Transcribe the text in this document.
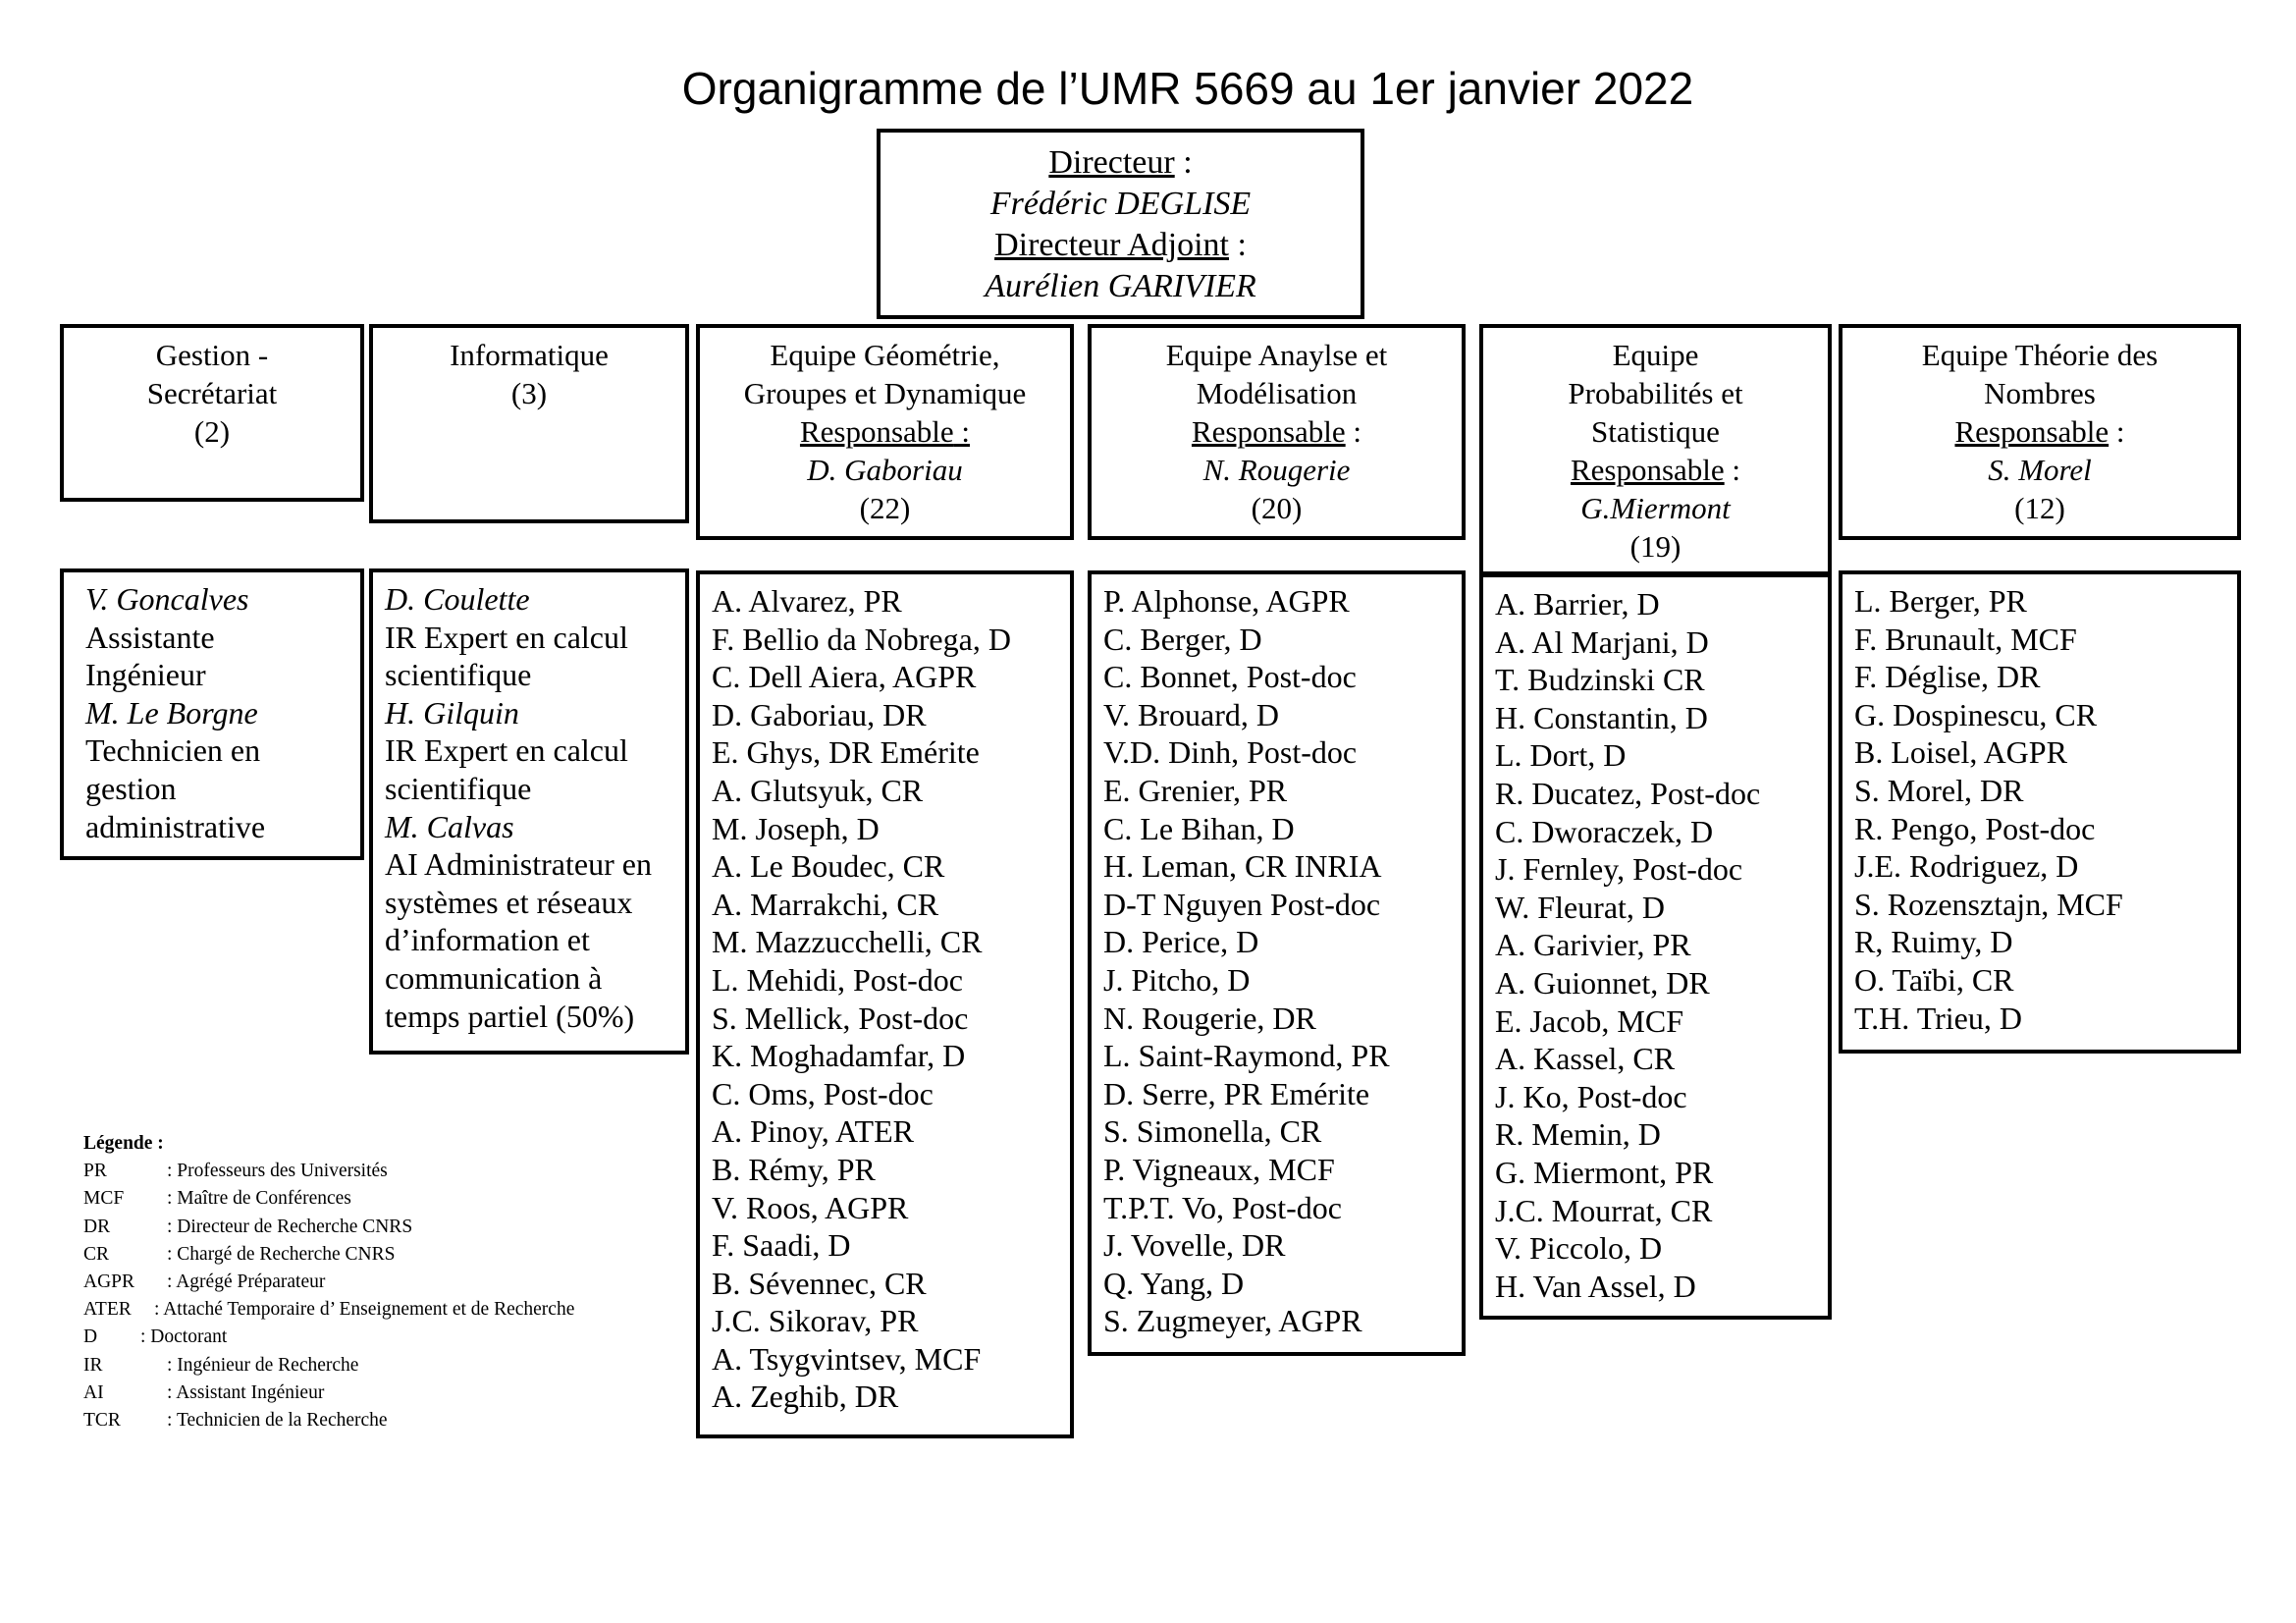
Organigramme de l’UMR 5669 au 1er janvier 2022
Directeur :
Frédéric DEGLISE
Directeur Adjoint :
Aurélien GARIVIER
Gestion -
Secrétariat
(2)
Informatique
(3)
Equipe Géométrie,
Groupes et Dynamique
Responsable :
D. Gaboriau
(22)
Equipe Anaylse et
Modélisation
Responsable :
N. Rougerie
(20)
Equipe
Probabilités et
Statistique
Responsable :
G.Miermont
(19)
Equipe Théorie des
Nombres
Responsable :
S. Morel
(12)
V. Goncalves
Assistante
Ingénieur
M. Le Borgne
Technicien en
gestion
administrative
D. Coulette
IR Expert en calcul
scientifique
H. Gilquin
IR Expert en calcul
scientifique
M. Calvas
AI Administrateur en
systèmes et réseaux
d’information et
communication à
temps partiel (50%)
A. Alvarez, PR
F. Bellio da Nobrega, D
C. Dell Aiera, AGPR
D. Gaboriau, DR
E. Ghys, DR Emérite
A. Glutsyuk, CR
M. Joseph, D
A. Le Boudec, CR
A. Marrakchi, CR
M. Mazzucchelli, CR
L. Mehidi, Post-doc
S. Mellick, Post-doc
K. Moghadamfar, D
C. Oms, Post-doc
A. Pinoy, ATER
B. Rémy, PR
V. Roos, AGPR
F. Saadi, D
B. Sévennec, CR
J.C. Sikorav, PR
A. Tsygvintsev, MCF
A. Zeghib, DR
P. Alphonse, AGPR
C. Berger, D
C. Bonnet, Post-doc
V. Brouard, D
V.D. Dinh, Post-doc
E. Grenier, PR
C. Le Bihan, D
H. Leman, CR INRIA
D-T Nguyen Post-doc
D. Perice, D
J. Pitcho, D
N. Rougerie, DR
L. Saint-Raymond, PR
D. Serre, PR Emérite
S. Simonella, CR
P. Vigneaux, MCF
T.P.T. Vo, Post-doc
J. Vovelle, DR
Q. Yang, D
S. Zugmeyer, AGPR
A. Barrier, D
A. Al Marjani, D
T. Budzinski CR
H. Constantin, D
L. Dort, D
R. Ducatez, Post-doc
C. Dworaczek, D
J. Fernley, Post-doc
W. Fleurat, D
A. Garivier, PR
A. Guionnet, DR
E. Jacob, MCF
A. Kassel, CR
J. Ko, Post-doc
R. Memin, D
G. Miermont, PR
J.C. Mourrat, CR
V. Piccolo, D
H. Van Assel, D
L. Berger, PR
F. Brunault, MCF
F. Déglise, DR
G. Dospinescu, CR
B. Loisel, AGPR
S. Morel, DR
R. Pengo, Post-doc
J.E. Rodriguez, D
S. Rozensztajn, MCF
R, Ruimy, D
O. Taïbi, CR
T.H. Trieu, D
Légende :
PR	: Professeurs des Universités
MCF : Maître de Conférences
DR	: Directeur de Recherche CNRS
CR	: Chargé de Recherche CNRS
AGPR : Agrégé Préparateur
ATER : Attaché Temporaire d’ Enseignement et de Recherche
D : Doctorant
IR	: Ingénieur de Recherche
AI	: Assistant Ingénieur
TCR : Technicien de la Recherche
